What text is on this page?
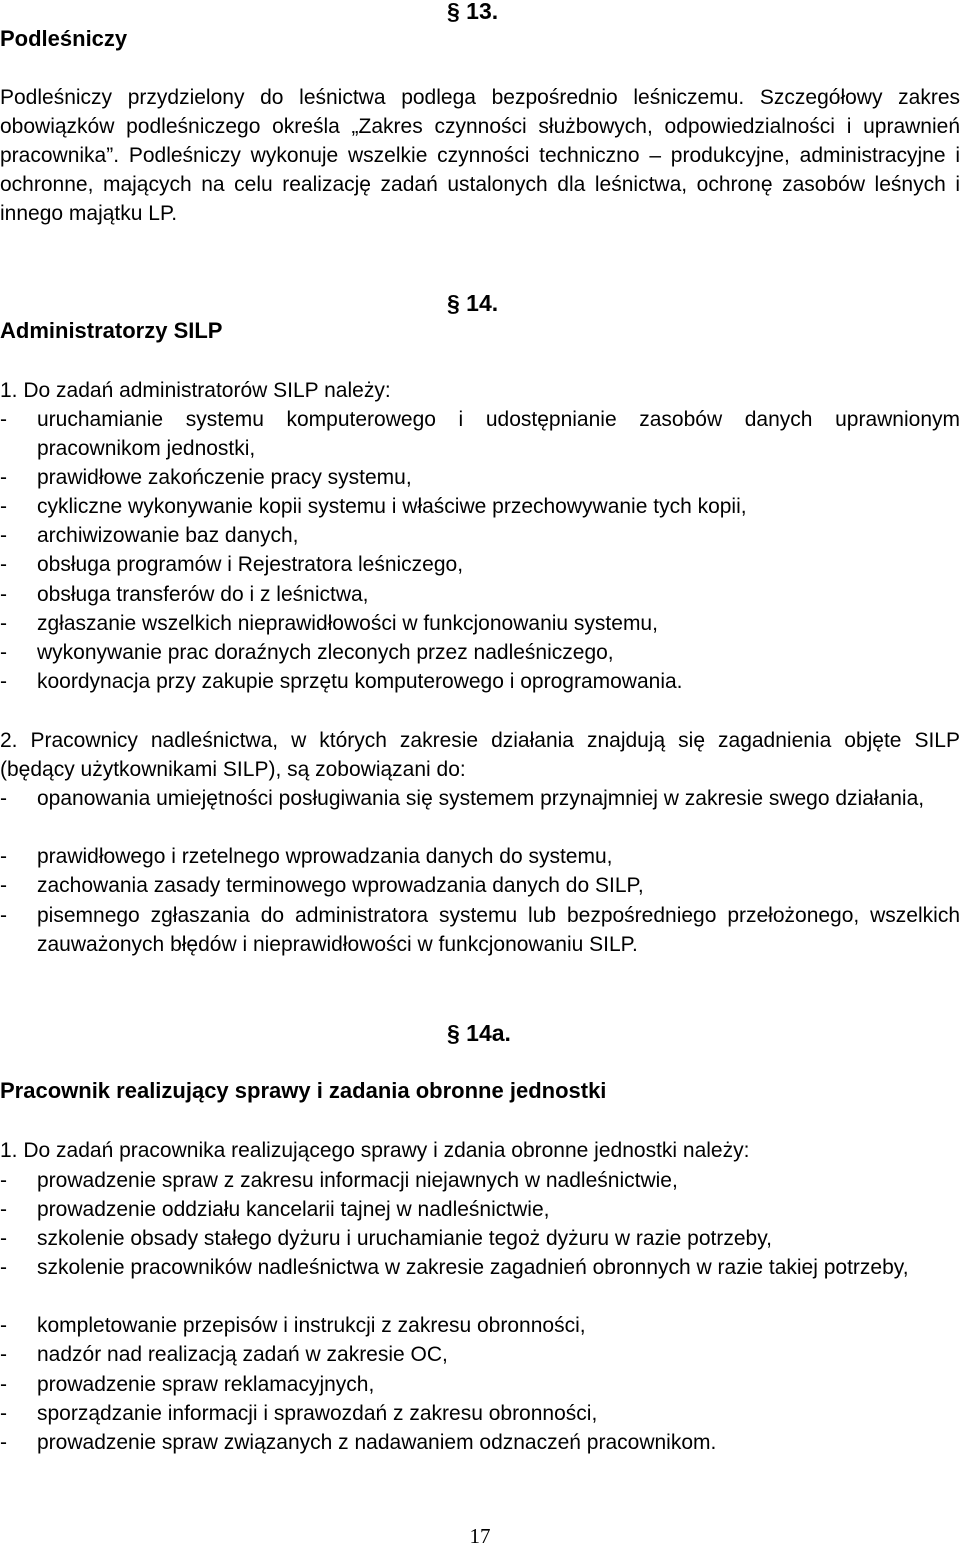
§ 13.
Podleśniczy
Podleśniczy przydzielony do leśnictwa podlega bezpośrednio leśniczemu. Szczegółowy zakres obowiązków podleśniczego określa „Zakres czynności służbowych, odpowiedzialności i uprawnień pracownika”. Podleśniczy wykonuje wszelkie czynności techniczno – produkcyjne, administracyjne i ochronne, mających na celu realizację zadań ustalonych dla leśnictwa, ochronę zasobów leśnych i innego majątku LP.
§ 14.
Administratorzy SILP
1. Do zadań administratorów SILP należy:
- uruchamianie systemu komputerowego i udostępnianie zasobów danych uprawnionym pracownikom jednostki,
- prawidłowe zakończenie pracy systemu,
- cykliczne wykonywanie kopii systemu i właściwe przechowywanie tych kopii,
- archiwizowanie baz danych,
- obsługa programów i Rejestratora leśniczego,
- obsługa transferów do i z leśnictwa,
- zgłaszanie wszelkich nieprawidłowości w funkcjonowaniu systemu,
- wykonywanie prac doraźnych zleconych przez nadleśniczego,
- koordynacja przy zakupie sprzętu komputerowego i oprogramowania.
2. Pracownicy nadleśnictwa, w których zakresie działania znajdują się zagadnienia objęte SILP (będący użytkownikami SILP), są zobowiązani do:
- opanowania umiejętności posługiwania się systemem przynajmniej w zakresie swego działania,
- prawidłowego i rzetelnego wprowadzania danych do systemu,
- zachowania zasady terminowego wprowadzania danych do SILP,
- pisemnego zgłaszania do administratora systemu lub bezpośredniego przełożonego, wszelkich zauważonych błędów i nieprawidłowości w funkcjonowaniu SILP.
§ 14a.
Pracownik realizujący sprawy i zadania obronne jednostki
1. Do zadań pracownika realizującego sprawy i zdania obronne jednostki należy:
- prowadzenie spraw z zakresu informacji niejawnych w nadleśnictwie,
- prowadzenie oddziału kancelarii tajnej w nadleśnictwie,
- szkolenie obsady stałego dyżuru i uruchamianie tegoż dyżuru w razie potrzeby,
- szkolenie pracowników nadleśnictwa w zakresie zagadnień obronnych w razie takiej potrzeby,
- kompletowanie przepisów i instrukcji z zakresu obronności,
- nadzór nad realizacją zadań w zakresie OC,
- prowadzenie spraw reklamacyjnych,
- sporządzanie informacji i sprawozdań z zakresu obronności,
- prowadzenie spraw związanych z nadawaniem odznaczeń pracownikom.
17
